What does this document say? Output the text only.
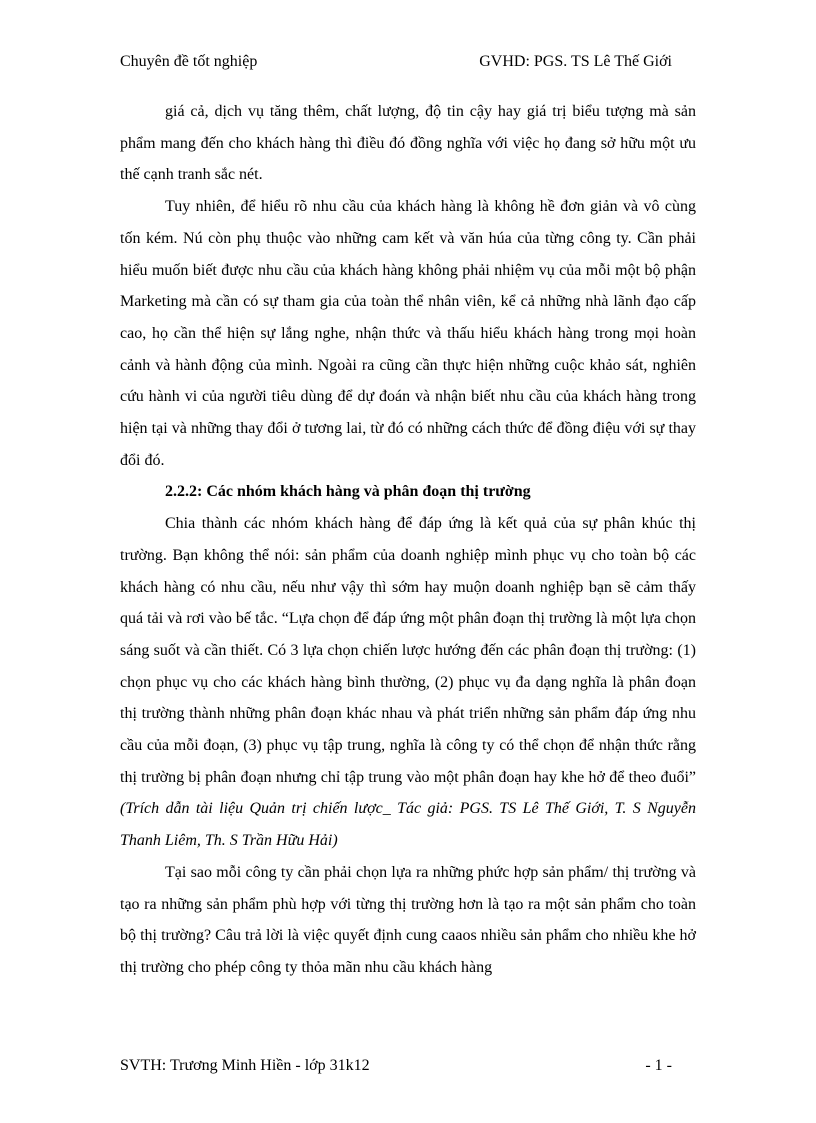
Chuyên đề tốt nghiệp	GVHD: PGS. TS Lê Thế Giới

giá cả, dịch vụ tăng thêm, chất lượng, độ tin cậy hay giá trị biểu tượng mà sản phẩm mang đến cho khách hàng thì điều đó đồng nghĩa với việc họ đang sở hữu một ưu thế cạnh tranh sắc nét.

Tuy nhiên, để hiểu rõ nhu cầu của khách hàng là không hề đơn giản và vô cùng tốn kém. Nú còn phụ thuộc vào những cam kết và văn húa của từng công ty. Cần phải hiểu muốn biết được nhu cầu của khách hàng không phải nhiệm vụ của mỗi một bộ phận Marketing mà cần có sự tham gia của toàn thể nhân viên, kể cả những nhà lãnh đạo cấp cao, họ cần thể hiện sự lắng nghe, nhận thức và thấu hiểu khách hàng trong mọi hoàn cảnh và hành động của mình. Ngoài ra cũng cần thực hiện những cuộc khảo sát, nghiên cứu hành vi của người tiêu dùng để dự đoán và nhận biết nhu cầu của khách hàng trong hiện tại và những thay đổi ở tương lai, từ đó có những cách thức để đồng điệu với sự thay đổi đó.

2.2.2: Các nhóm khách hàng và phân đoạn thị trường

Chia thành các nhóm khách hàng để đáp ứng là kết quả của sự phân khúc thị trường. Bạn không thể nói: sản phẩm của doanh nghiệp mình phục vụ cho toàn bộ các khách hàng có nhu cầu, nếu như vậy thì sớm hay muộn doanh nghiệp bạn sẽ cảm thấy quá tải và rơi vào bế tắc. “Lựa chọn để đáp ứng một phân đoạn thị trường là một lựa chọn sáng suốt và cần thiết. Có 3 lựa chọn chiến lược hướng đến các phân đoạn thị trường: (1) chọn phục vụ cho các khách hàng bình thường, (2) phục vụ đa dạng nghĩa là phân đoạn thị trường thành những phân đoạn khác nhau và phát triển những sản phẩm đáp ứng nhu cầu của mỗi đoạn, (3) phục vụ tập trung, nghĩa là công ty có thể chọn để nhận thức rằng thị trường bị phân đoạn nhưng chỉ tập trung vào một phân đoạn hay khe hở để theo đuổi” (Trích dẫn tài liệu Quản trị chiến lược_ Tác giả: PGS. TS Lê Thế Giới, T. S Nguyễn Thanh Liêm, Th. S Trần Hữu Hải)

Tại sao mỗi công ty cần phải chọn lựa ra những phức hợp sản phẩm/ thị trường và tạo ra những sản phẩm phù hợp với từng thị trường hơn là tạo ra một sản phẩm cho toàn bộ thị trường? Câu trả lời là việc quyết định cung caaos nhiều sản phẩm cho nhiều khe hở thị trường cho phép công ty thỏa mãn nhu cầu khách hàng

SVTH: Trương Minh Hiền - lớp 31k12	- 1 -
